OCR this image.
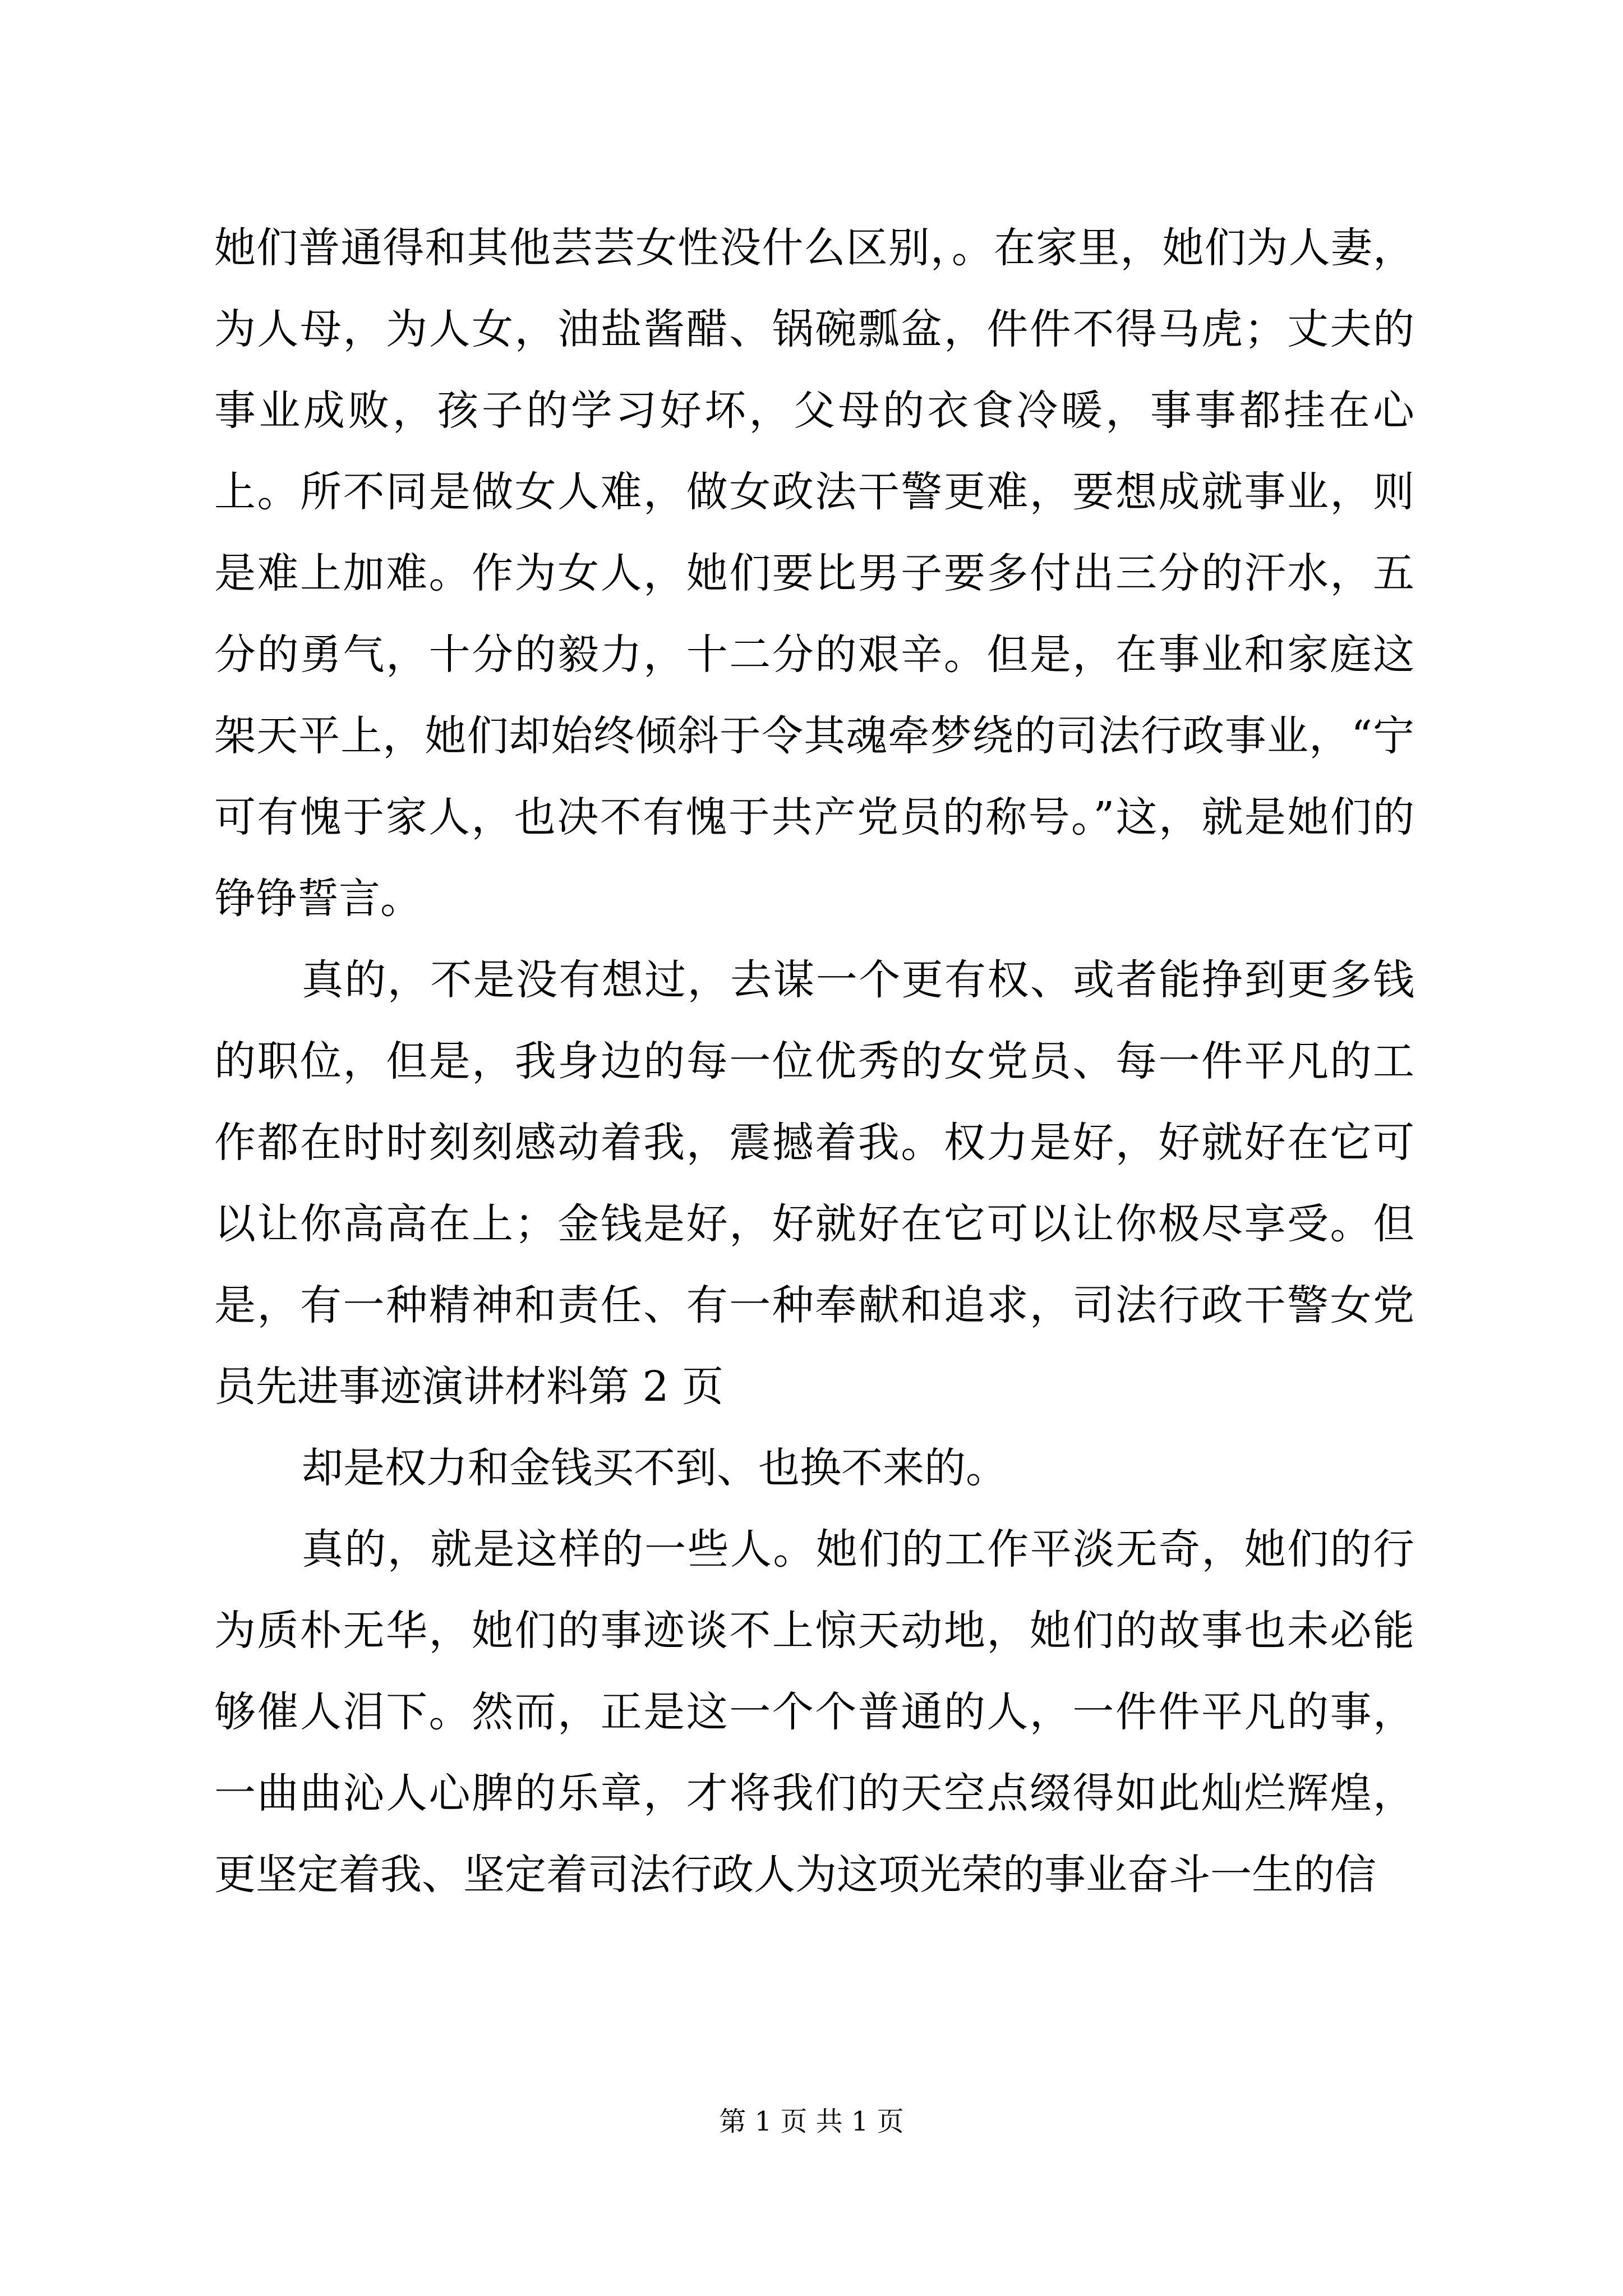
她们普通得和其他芸芸女性没什么区别，。在家里，她们为人妻，为人母，为人女，油盐酱醋、锅碗瓢盆，件件不得马虎；丈夫的事业成败，孩子的学习好坏，父母的衣食冷暖，事事都挂在心上。所不同是做女人难，做女政法干警更难，要想成就事业，则是难上加难。作为女人，她们要比男子要多付出三分的汗水，五分的勇气，十分的毅力，十二分的艰辛。但是，在事业和家庭这架天平上，她们却始终倾斜于令其魂牵梦绕的司法行政事业，“宁可有愧于家人，也决不有愧于共产党员的称号。”这，就是她们的铮铮誓言。

真的，不是没有想过，去谋一个更有权、或者能挣到更多钱的职位，但是，我身边的每一位优秀的女党员、每一件平凡的工作都在时时刻刻感动着我，震撼着我。权力是好，好就好在它可以让你高高在上；金钱是好，好就好在它可以让你极尽享受。但是，有一种精神和责任、有一种奉献和追求，司法行政干警女党员先进事迹演讲材料第 2 页

却是权力和金钱买不到、也换不来的。

真的，就是这样的一些人。她们的工作平淡无奇，她们的行为质朴无华，她们的事迹谈不上惊天动地，她们的故事也未必能够催人泪下。然而，正是这一个个普通的人，一件件平凡的事，一曲曲沁人心脾的乐章，才将我们的天空点缀得如此灿烂辉煌，更坚定着我、坚定着司法行政人为这项光荣的事业奋斗一生的信

第 1 页 共 1 页
